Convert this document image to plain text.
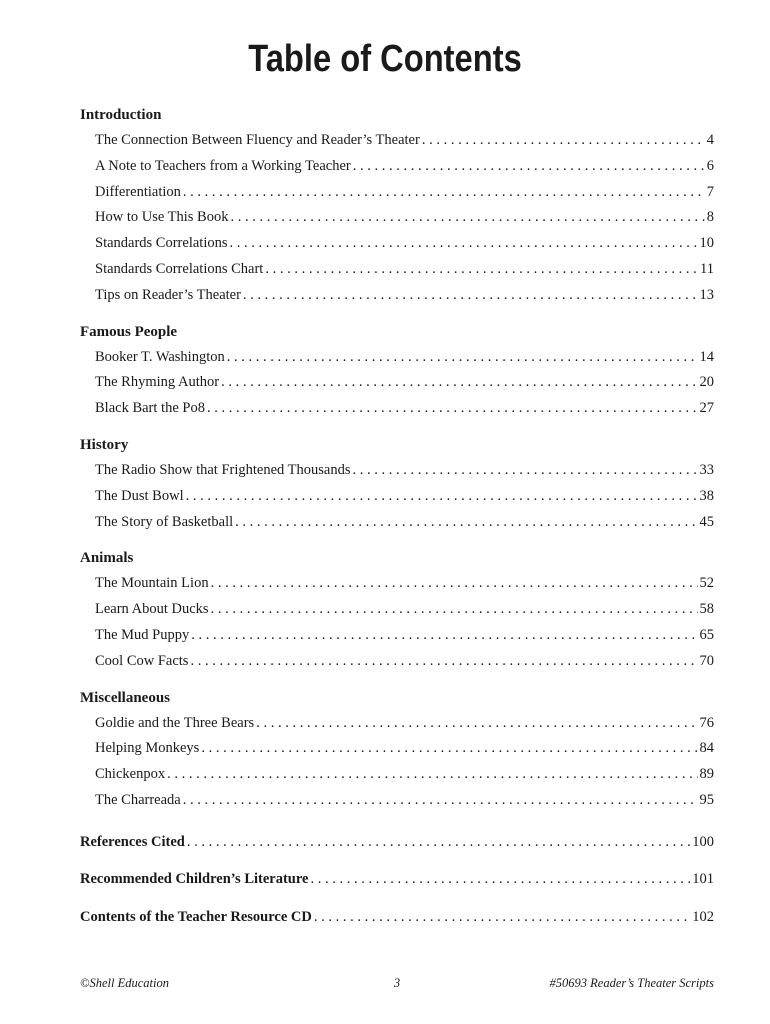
Table of Contents
Introduction
The Connection Between Fluency and Reader’s Theater . . .	4
A Note to Teachers from a Working Teacher . . .	6
Differentiation . . .	7
How to Use This Book . . .	8
Standards Correlations . . .	10
Standards Correlations Chart . . .	11
Tips on Reader’s Theater . . .	13
Famous People
Booker T. Washington . . .	14
The Rhyming Author . . .	20
Black Bart the Po8 . . .	27
History
The Radio Show that Frightened Thousands . . .	33
The Dust Bowl . . .	38
The Story of Basketball . . .	45
Animals
The Mountain Lion . . .	52
Learn About Ducks . . .	58
The Mud Puppy . . .	65
Cool Cow Facts . . .	70
Miscellaneous
Goldie and the Three Bears . . .	76
Helping Monkeys . . .	84
Chickenpox . . .	89
The Charreada . . .	95
References Cited . . .	100
Recommended Children’s Literature . . .	101
Contents of the Teacher Resource CD . . .	102
©Shell Education	3	#50693 Reader’s Theater Scripts
